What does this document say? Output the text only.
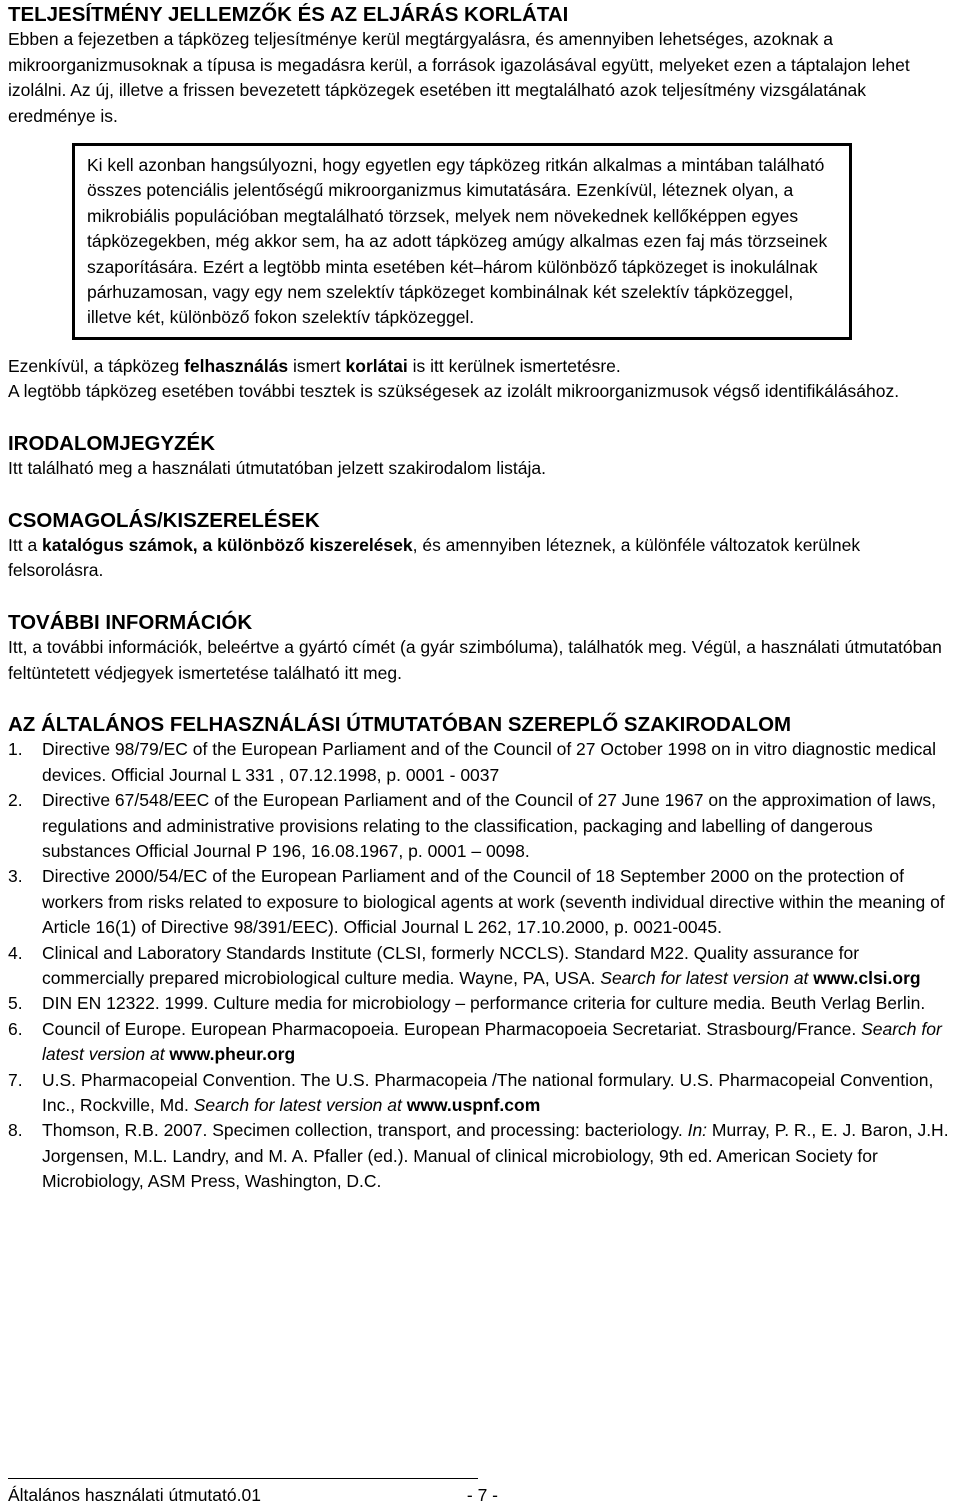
TELJESÍTMÉNY JELLEMZŐK ÉS AZ ELJÁRÁS KORLÁTAI

Ebben a fejezetben a tápközeg teljesítménye kerül megtárgyalásra, és amennyiben lehetséges, azoknak a mikroorganizmusoknak a típusa is megadásra kerül, a források igazolásával együtt, melyeket ezen a táptalajon lehet izolálni. Az új, illetve a frissen bevezetett tápközegek esetében itt megtalálható azok teljesítmény vizsgálatának eredménye is.

Ki kell azonban hangsúlyozni, hogy egyetlen egy tápközeg ritkán alkalmas a mintában található összes potenciális jelentőségű mikroorganizmus kimutatására. Ezenkívül, léteznek olyan, a mikrobiális populációban megtalálható törzsek, melyek nem növekednek kellőképpen egyes tápközegekben, még akkor sem, ha az adott tápközeg amúgy alkalmas ezen faj más törzseinek szaporítására. Ezért a legtöbb minta esetében két–három különböző tápközeget is inokulálnak párhuzamosan, vagy egy nem szelektív tápközeget kombinálnak két szelektív tápközeggel, illetve két, különböző fokon szelektív tápközeggel.

Ezenkívül, a tápközeg felhasználás ismert korlátai is itt kerülnek ismertetésre.

A legtöbb tápközeg esetében további tesztek is szükségesek az izolált mikroorganizmusok végső identifikálásához.

IRODALOMJEGYZÉK

Itt található meg a használati útmutatóban jelzett szakirodalom listája.

CSOMAGOLÁS/KISZERELÉSEK

Itt a katalógus számok, a különböző kiszerelések, és amennyiben léteznek, a különféle változatok kerülnek felsorolásra.

TOVÁBBI INFORMÁCIÓK

Itt, a további információk, beleértve a gyártó címét (a gyár szimbóluma), találhatók meg. Végül, a használati útmutatóban feltüntetett védjegyek ismertetése található itt meg.

AZ ÁLTALÁNOS FELHASZNÁLÁSI ÚTMUTATÓBAN SZEREPLŐ SZAKIRODALOM
1.	Directive 98/79/EC of the European Parliament and of the Council of 27 October 1998 on in vitro diagnostic medical devices. Official Journal L 331 , 07.12.1998, p. 0001 - 0037
2.	Directive 67/548/EEC of the European Parliament and of the Council of 27 June 1967 on the approximation of laws, regulations and administrative provisions relating to the classification, packaging and labelling of dangerous substances Official Journal P 196, 16.08.1967, p. 0001 – 0098.
3.	Directive 2000/54/EC of the European Parliament and of the Council of 18 September 2000 on the protection of workers from risks related to exposure to biological agents at work (seventh individual directive within the meaning of Article 16(1) of Directive 98/391/EEC). Official Journal L 262, 17.10.2000, p. 0021-0045.
4.	Clinical and Laboratory Standards Institute (CLSI, formerly NCCLS). Standard M22. Quality assurance for commercially prepared microbiological culture media. Wayne, PA, USA. Search for latest version at www.clsi.org
5.	DIN EN 12322. 1999. Culture media for microbiology – performance criteria for culture media. Beuth Verlag Berlin.
6.	Council of Europe. European Pharmacopoeia. European Pharmacopoeia Secretariat. Strasbourg/France. Search for latest version at www.pheur.org
7.	U.S. Pharmacopeial Convention. The U.S. Pharmacopeia /The national formulary. U.S. Pharmacopeial Convention, Inc., Rockville, Md. Search for latest version at www.uspnf.com
8.	Thomson, R.B. 2007. Specimen collection, transport, and processing: bacteriology. In: Murray, P. R., E. J. Baron, J.H. Jorgensen, M.L. Landry, and M. A. Pfaller (ed.). Manual of clinical microbiology, 9th ed. American Society for Microbiology, ASM Press, Washington, D.C.
Általános használati útmutató.01	- 7 -
